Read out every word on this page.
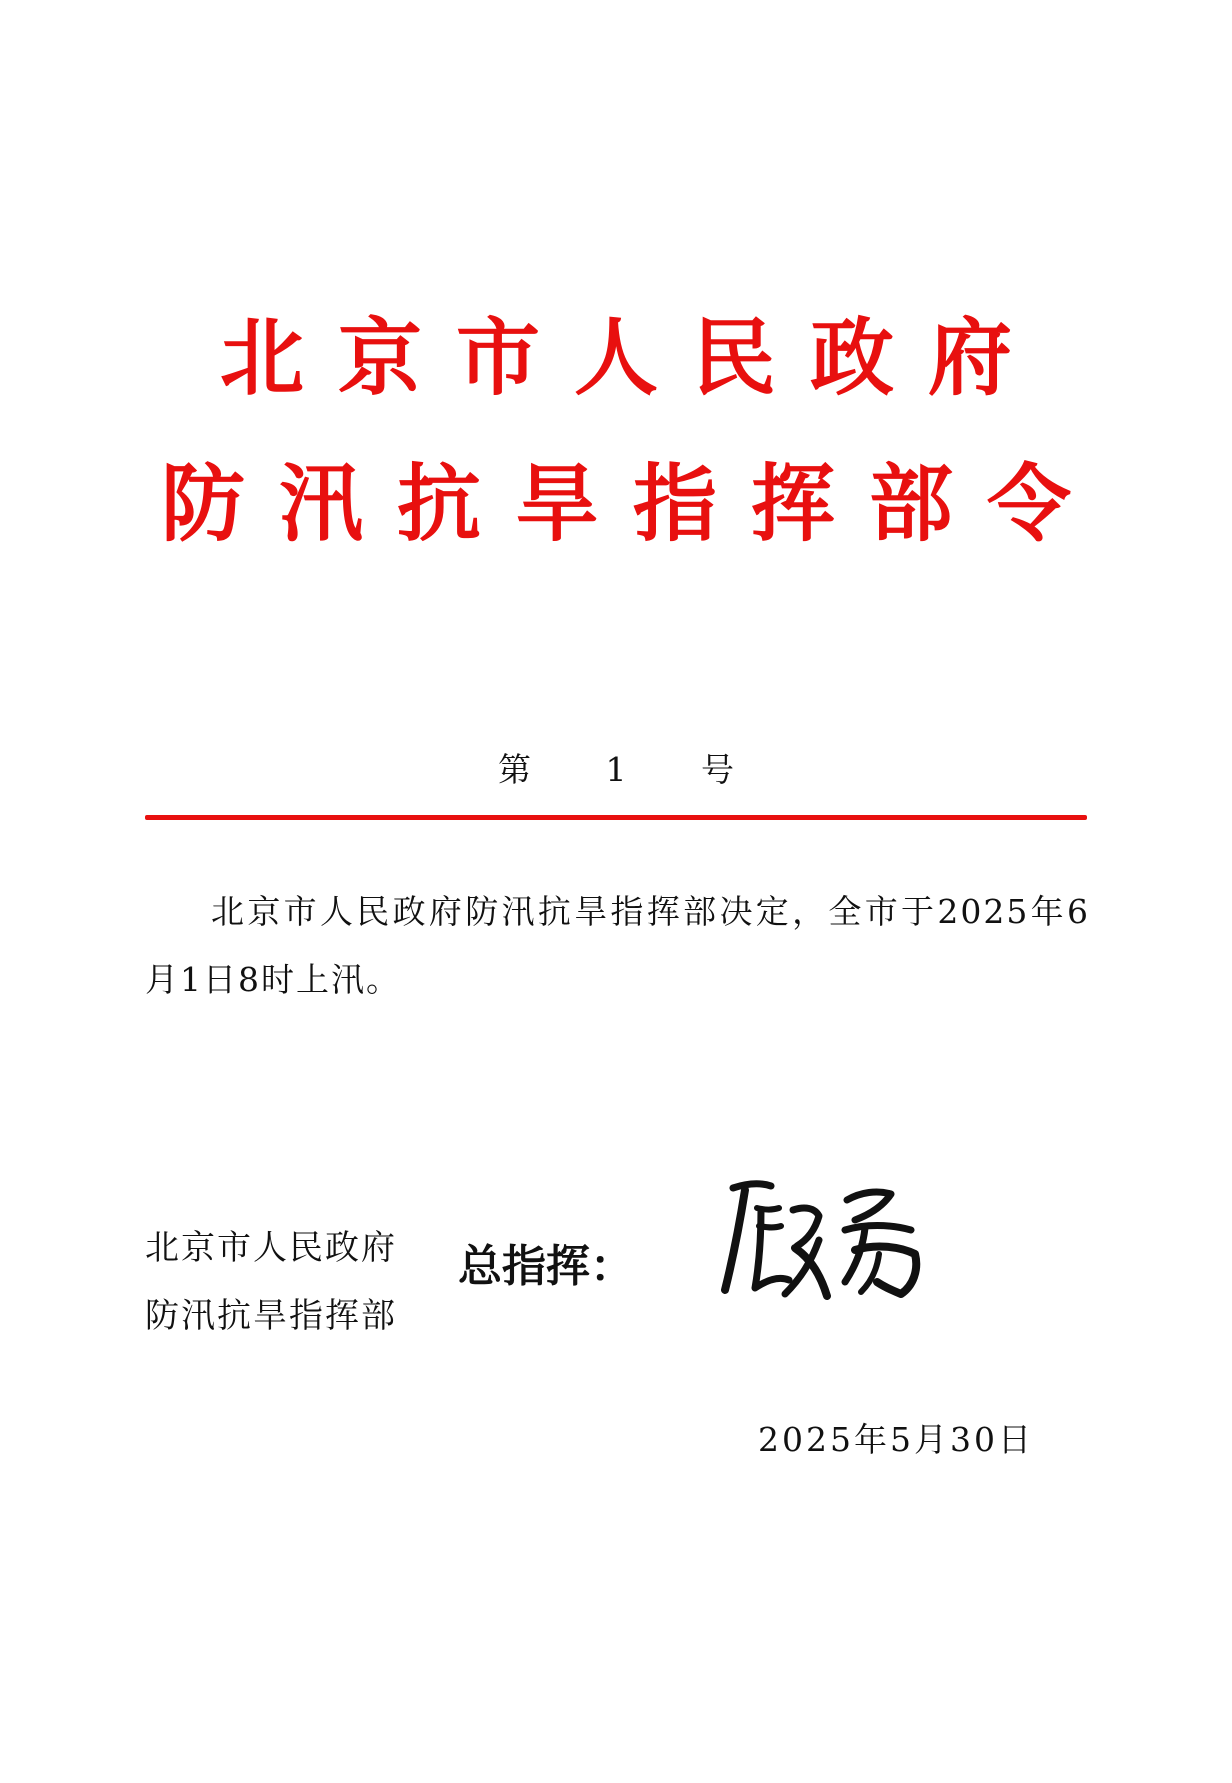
北京市人民政府
防汛抗旱指挥部令
第 1 号
北京市人民政府防汛抗旱指挥部决定，全市于2025年6月1日8时上汛。
北京市人民政府
防汛抗旱指挥部
总指挥：
2025年5月30日
